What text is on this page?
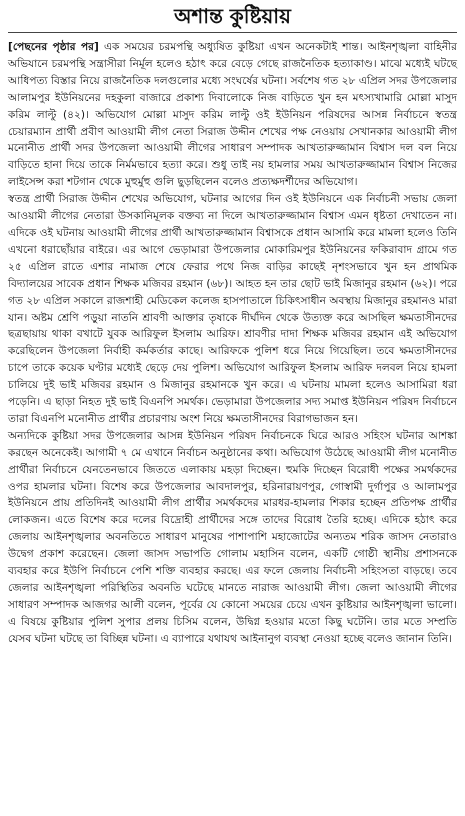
অশান্ত কুষ্টিয়ায়

[পেছনের পৃষ্ঠার পর] এক সময়ের চরমপন্থি অধ্যুষিত কুষ্টিয়া এখন অনেকটাই শান্ত। আইনশৃঙ্খলা বাহিনীর অভিযানে চরমপন্থি সন্ত্রাসীরা নির্মূল হলেও হঠাৎ করে বেড়ে গেছে রাজনৈতিক হত্যাকাণ্ড। মাঝে মধ্যেই ঘটছে আধিপত্য বিস্তার নিয়ে রাজনৈতিক দলগুলোর মধ্যে সংঘর্ষের ঘটনা। সর্বশেষ গত ২৮ এপ্রিল সদর উপজেলার আলামপুর ইউনিয়নের দহকুলা বাজারে প্রকাশ্য দিবালোকে নিজ বাড়িতে খুন হন মৎস্যখামারি মোল্লা মাসুদ করিম লাল্টু (৪২)। অভিযোগ মোল্লা মাসুদ করিম লাল্টু ওই ইউনিয়ন পরিষদের আসন্ন নির্বাচনে স্বতন্ত্র চেয়ারম্যান প্রার্থী প্রবীণ আওয়ামী লীগ নেতা সিরাজ উদ্দীন শেখের পক্ষ নেওয়ায় সেখানকার আওয়ামী লীগ মনোনীত প্রার্থী সদর উপজেলা আওয়ামী লীগের সাধারণ সম্পাদক আখতারুজ্জামান বিশ্বাস দল বল নিয়ে বাড়িতে হানা দিয়ে তাকে নির্মমভাবে হত্যা করে। শুধু তাই নয় হামলার সময় আখতারুজ্জামান বিশ্বাস নিজের লাইসেন্স করা শটগান থেকে মুহুর্মুহু গুলি ছুড়ছিলেন বলেও প্রত্যক্ষদর্শীদের অভিযোগ।

স্বতন্ত্র প্রার্থী সিরাজ উদ্দীন শেখের অভিযোগ, ঘটনার আগের দিন ওই ইউনিয়নে এক নির্বাচনী সভায় জেলা আওয়ামী লীগের নেতারা উসকানিমূলক বক্তব্য না দিলে আখতারুজ্জামান বিশ্বাস এমন ধৃষ্টতা দেখাতেন না। এদিকে ওই ঘটনায় আওয়ামী লীগের প্রার্থী আখতারুজ্জামান বিশ্বাসকে প্রধান আসামি করে মামলা হলেও তিনি এখনো ধরাছোঁয়ার বাইরে। এর আগে ভেড়ামারা উপজেলার মোকারিমপুর ইউনিয়নের ফকিরাবাদ গ্রামে গত ২৫ এপ্রিল রাতে এশার নামাজ শেষে ফেরার পথে নিজ বাড়ির কাছেই নৃশংসভাবে খুন হন প্রাথমিক বিদ্যালয়ের সাবেক প্রধান শিক্ষক মজিবর রহমান (৬৮)। আহত হন তার ছোট ভাই মিজানুর রহমান (৬২)। পরে গত ২৮ এপ্রিল সকালে রাজশাহী মেডিকেল কলেজ হাসপাতালে চিকিৎসাধীন অবস্থায় মিজানুর রহমানও মারা যান। অষ্টম শ্রেণি পড়ুয়া নাতনি শ্রাবণী আক্তার তৃষাকে দীর্ঘদিন থেকে উত্যক্ত করে আসছিল ক্ষমতাসীনদের ছত্রছায়ায় থাকা বখাটে যুবক আরিফুল ইসলাম আরিফ। শ্রাবণীর দাদা শিক্ষক মজিবর রহমান এই অভিযোগ করেছিলেন উপজেলা নির্বাহী কর্মকর্তার কাছে। আরিফকে পুলিশ ধরে নিয়ে গিয়েছিল। তবে ক্ষমতাসীনদের চাপে তাকে কয়েক ঘণ্টার মধ্যেই ছেড়ে দেয় পুলিশ। অভিযোগ আরিফুল ইসলাম আরিফ দলবল নিয়ে হামলা চালিয়ে দুই ভাই মজিবর রহমান ও মিজানুর রহমানকে খুন করে। এ ঘটনায় মামলা হলেও আসামিরা ধরা পড়েনি। এ ছাড়া নিহত দুই ভাই বিএনপি সমর্থক। ভেড়ামারা উপজেলার সদ্য সমাপ্ত ইউনিয়ন পরিষদ নির্বাচনে তারা বিএনপি মনোনীত প্রার্থীর প্রচারণায় অংশ নিয়ে ক্ষমতাসীনদের বিরাগভাজন হন।

অন্যদিকে কুষ্টিয়া সদর উপজেলার আসন্ন ইউনিয়ন পরিষদ নির্বাচনকে ঘিরে আরও সহিংস ঘটনার আশঙ্কা করছেন অনেকেই। আগামী ৭ মে এখানে নির্বাচন অনুষ্ঠানের কথা। অভিযোগ উঠেছে আওয়ামী লীগ মনোনীত প্রার্থীরা নির্বাচনে যেনতেনভাবে জিততে এলাকায় মহড়া দিচ্ছেন। হুমকি দিচ্ছেন বিরোধী পক্ষের সমর্থকদের ওপর হামলার ঘটনা। বিশেষ করে উপজেলার আবদালপুর, হরিনারায়ণপুর, গোস্বামী দুর্গাপুর ও আলামপুর ইউনিয়নে প্রায় প্রতিদিনই আওয়ামী লীগ প্রার্থীর সমর্থকদের মারধর-হামলার শিকার হচ্ছেন প্রতিপক্ষ প্রার্থীর লোকজন। এতে বিশেষ করে দলের বিদ্রোহী প্রার্থীদের সঙ্গে তাদের বিরোধ তৈরি হচ্ছে। এদিকে হঠাৎ করে জেলায় আইনশৃঙ্খলার অবনতিতে সাধারণ মানুষের পাশাপাশি মহাজোটের অন্যতম শরিক জাসদ নেতারাও উদ্বেগ প্রকাশ করেছেন। জেলা জাসদ সভাপতি গোলাম মহাসিন বলেন, একটি গোষ্ঠী স্থানীয় প্রশাসনকে ব্যবহার করে ইউপি নির্বাচনে পেশি শক্তি ব্যবহার করছে। এর ফলে জেলায় নির্বাচনী সহিংসতা বাড়ছে। তবে জেলার আইনশৃঙ্খলা পরিস্থিতির অবনতি ঘটেছে মানতে নারাজ আওয়ামী লীগ। জেলা আওয়ামী লীগের সাধারণ সম্পাদক আজগর আলী বলেন, পূর্বের যে কোনো সময়ের চেয়ে এখন কুষ্টিয়ার আইনশৃঙ্খলা ভালো। এ বিষয়ে কুষ্টিয়ার পুলিশ সুপার প্রলয় চিসিম বলেন, উদ্বিগ্ন হওয়ার মতো কিছু ঘটেনি। তার মতে সম্প্রতি যেসব ঘটনা ঘটছে তা বিচ্ছিন্ন ঘটনা। এ ব্যাপারে যথাযথ আইনানুগ ব্যবস্থা নেওয়া হচ্ছে বলেও জানান তিনি।
